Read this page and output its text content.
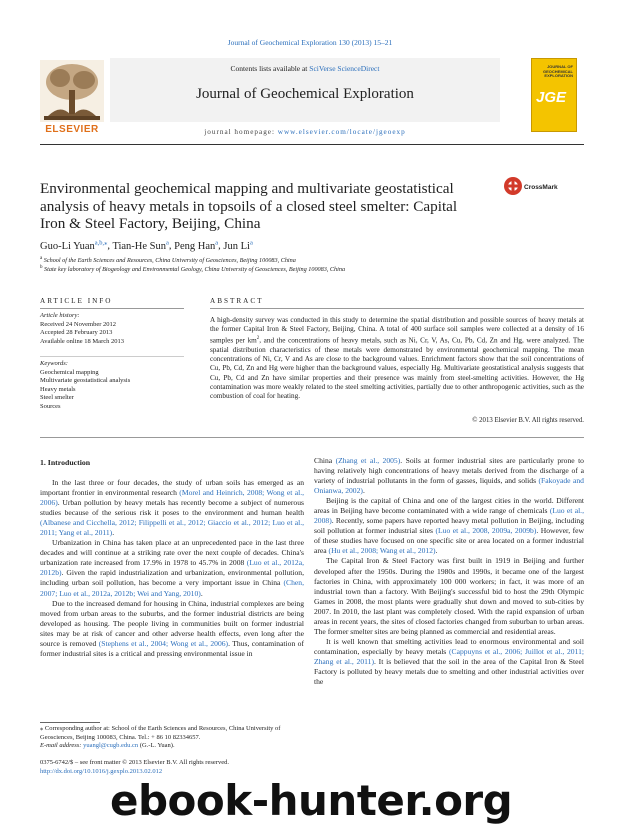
Journal of Geochemical Exploration 130 (2013) 15–21
Contents lists available at SciVerse ScienceDirect
Journal of Geochemical Exploration
journal homepage: www.elsevier.com/locate/jgeoexp
ELSEVIER
JOURNAL OF
GEOCHEMICAL
EXPLORATION
JGE
Environmental geochemical mapping and multivariate geostatistical analysis of heavy metals in topsoils of a closed steel smelter: Capital Iron & Steel Factory, Beijing, China
CrossMark
Guo-Li Yuan$^{a,b,⁎}$, Tian-He Sun$^a$, Peng Han$^a$, Jun Li$^a$
$^a$ School of the Earth Sciences and Resources, China University of Geosciences, Beijing 100083, China
$^b$ State key laboratory of Biogeology and Environmental Geology, China University of Geosciences, Beijing 100083, China
ARTICLE INFO
Article history:
Received 24 November 2012
Accepted 28 February 2013
Available online 18 March 2013
Keywords:
Geochemical mapping
Multivariate geostatistical analysis
Heavy metals
Steel smelter
Sources
ABSTRACT
A high-density survey was conducted in this study to determine the spatial distribution and possible sources of heavy metals at the former Capital Iron & Steel Factory, Beijing, China. A total of 400 surface soil samples were collected at a density of 16 samples per $km^2$, and the concentrations of heavy metals, such as Ni, Cr, V, As, Cu, Pb, Cd, Zn and Hg, were analyzed. The spatial distribution characteristics of these metals were demonstrated by environmental geochemical mapping. The mean concentrations of Ni, Cr, V and As are close to the background values. Enrichment factors show that the soil concentrations of Cu, Pb, Cd, Zn and Hg were higher than the background values, especially Hg. Multivariate geostatistical analysis suggests that Cu, Pb, Cd and Zn have similar properties and their presence was mainly from steel-smelting activities. However, the Hg contamination was more weakly related to the steel smelting activities, partially due to other anthropogenic activities, such as the combustion of coal for heating.
© 2013 Elsevier B.V. All rights reserved.
1. Introduction

In the last three or four decades, the study of urban soils has emerged as an important frontier in environmental research (Morel and Heinrich, 2008; Wong et al., 2006). Urban pollution by heavy metals has recently become a subject of numerous studies because of the serious risk it poses to the environment and human health (Albanese and Cicchella, 2012; Filippelli et al., 2012; Giaccio et al., 2012; Luo et al., 2011; Yang et al., 2011).

Urbanization in China has taken place at an unprecedented pace in the last three decades and will continue at a striking rate over the next couple of decades. China's urbanization rate increased from 17.9% in 1978 to 45.7% in 2008 (Luo et al., 2012a, 2012b). Given the rapid industrialization and urbanization, environmental pollution, including urban soil pollution, has become a very important issue in China (Chen, 2007; Luo et al., 2012a, 2012b; Wei and Yang, 2010).

Due to the increased demand for housing in China, industrial complexes are being moved from urban areas to the suburbs, and the former industrial districts are being developed as housing. The people living in communities built on former industrial sites may be at risk of cancer and other adverse health effects, even long after the source is removed (Stephens et al., 2004; Wong et al., 2006). Thus, contamination of former industrial sites is a critical and pressing environmental issue in

China (Zhang et al., 2005). Soils at former industrial sites are particularly prone to having relatively high concentrations of heavy metals derived from the discharge of a variety of industrial pollutants in the form of gasses, liquids, and solids (Fakoyade and Onianwa, 2002).

Beijing is the capital of China and one of the largest cities in the world. Different areas in Beijing have become contaminated with a wide range of chemicals (Luo et al., 2008). Recently, some papers have reported heavy metal pollution in Beijing, including soil pollution at former industrial sites (Luo et al., 2008, 2009a, 2009b). However, few of these studies have focused on one specific site or area located on a former industrial area (Hu et al., 2008; Wang et al., 2012).

The Capital Iron & Steel Factory was first built in 1919 in Beijing and further developed after the 1950s. During the 1980s and 1990s, it became one of the largest factories in China, with approximately 100 000 workers; in fact, it was more of an industrial town than a factory. With Beijing's successful bid to host the 29th Olympic Games in 2008, the most plants were gradually shut down and moved to sub-cities by 2007. In 2010, the last plant was completely closed. With the rapid expansion of urban areas in recent years, the sites of closed factories changed from suburban to urban areas. The former smelter sites are being planned as commercial and residential areas.

It is well known that smelting activities lead to enormous environmental and soil contamination, especially by heavy metals (Cappuyns et al., 2006; Juillot et al., 2011; Zhang et al., 2011). It is believed that the soil in the area of the Capital Iron & Steel Factory is polluted by heavy metals due to smelting and other industrial activities over the

⁎ Corresponding author at: School of the Earth Sciences and Resources, China University of Geosciences, Beijing 100083, China. Tel.: + 86 10 82334657.
E-mail address: yuangl@cugb.edu.cn (G.-L. Yuan).
0375-6742/$ – see front matter © 2013 Elsevier B.V. All rights reserved.
http://dx.doi.org/10.1016/j.gexplo.2013.02.012
ebook-hunter.org
